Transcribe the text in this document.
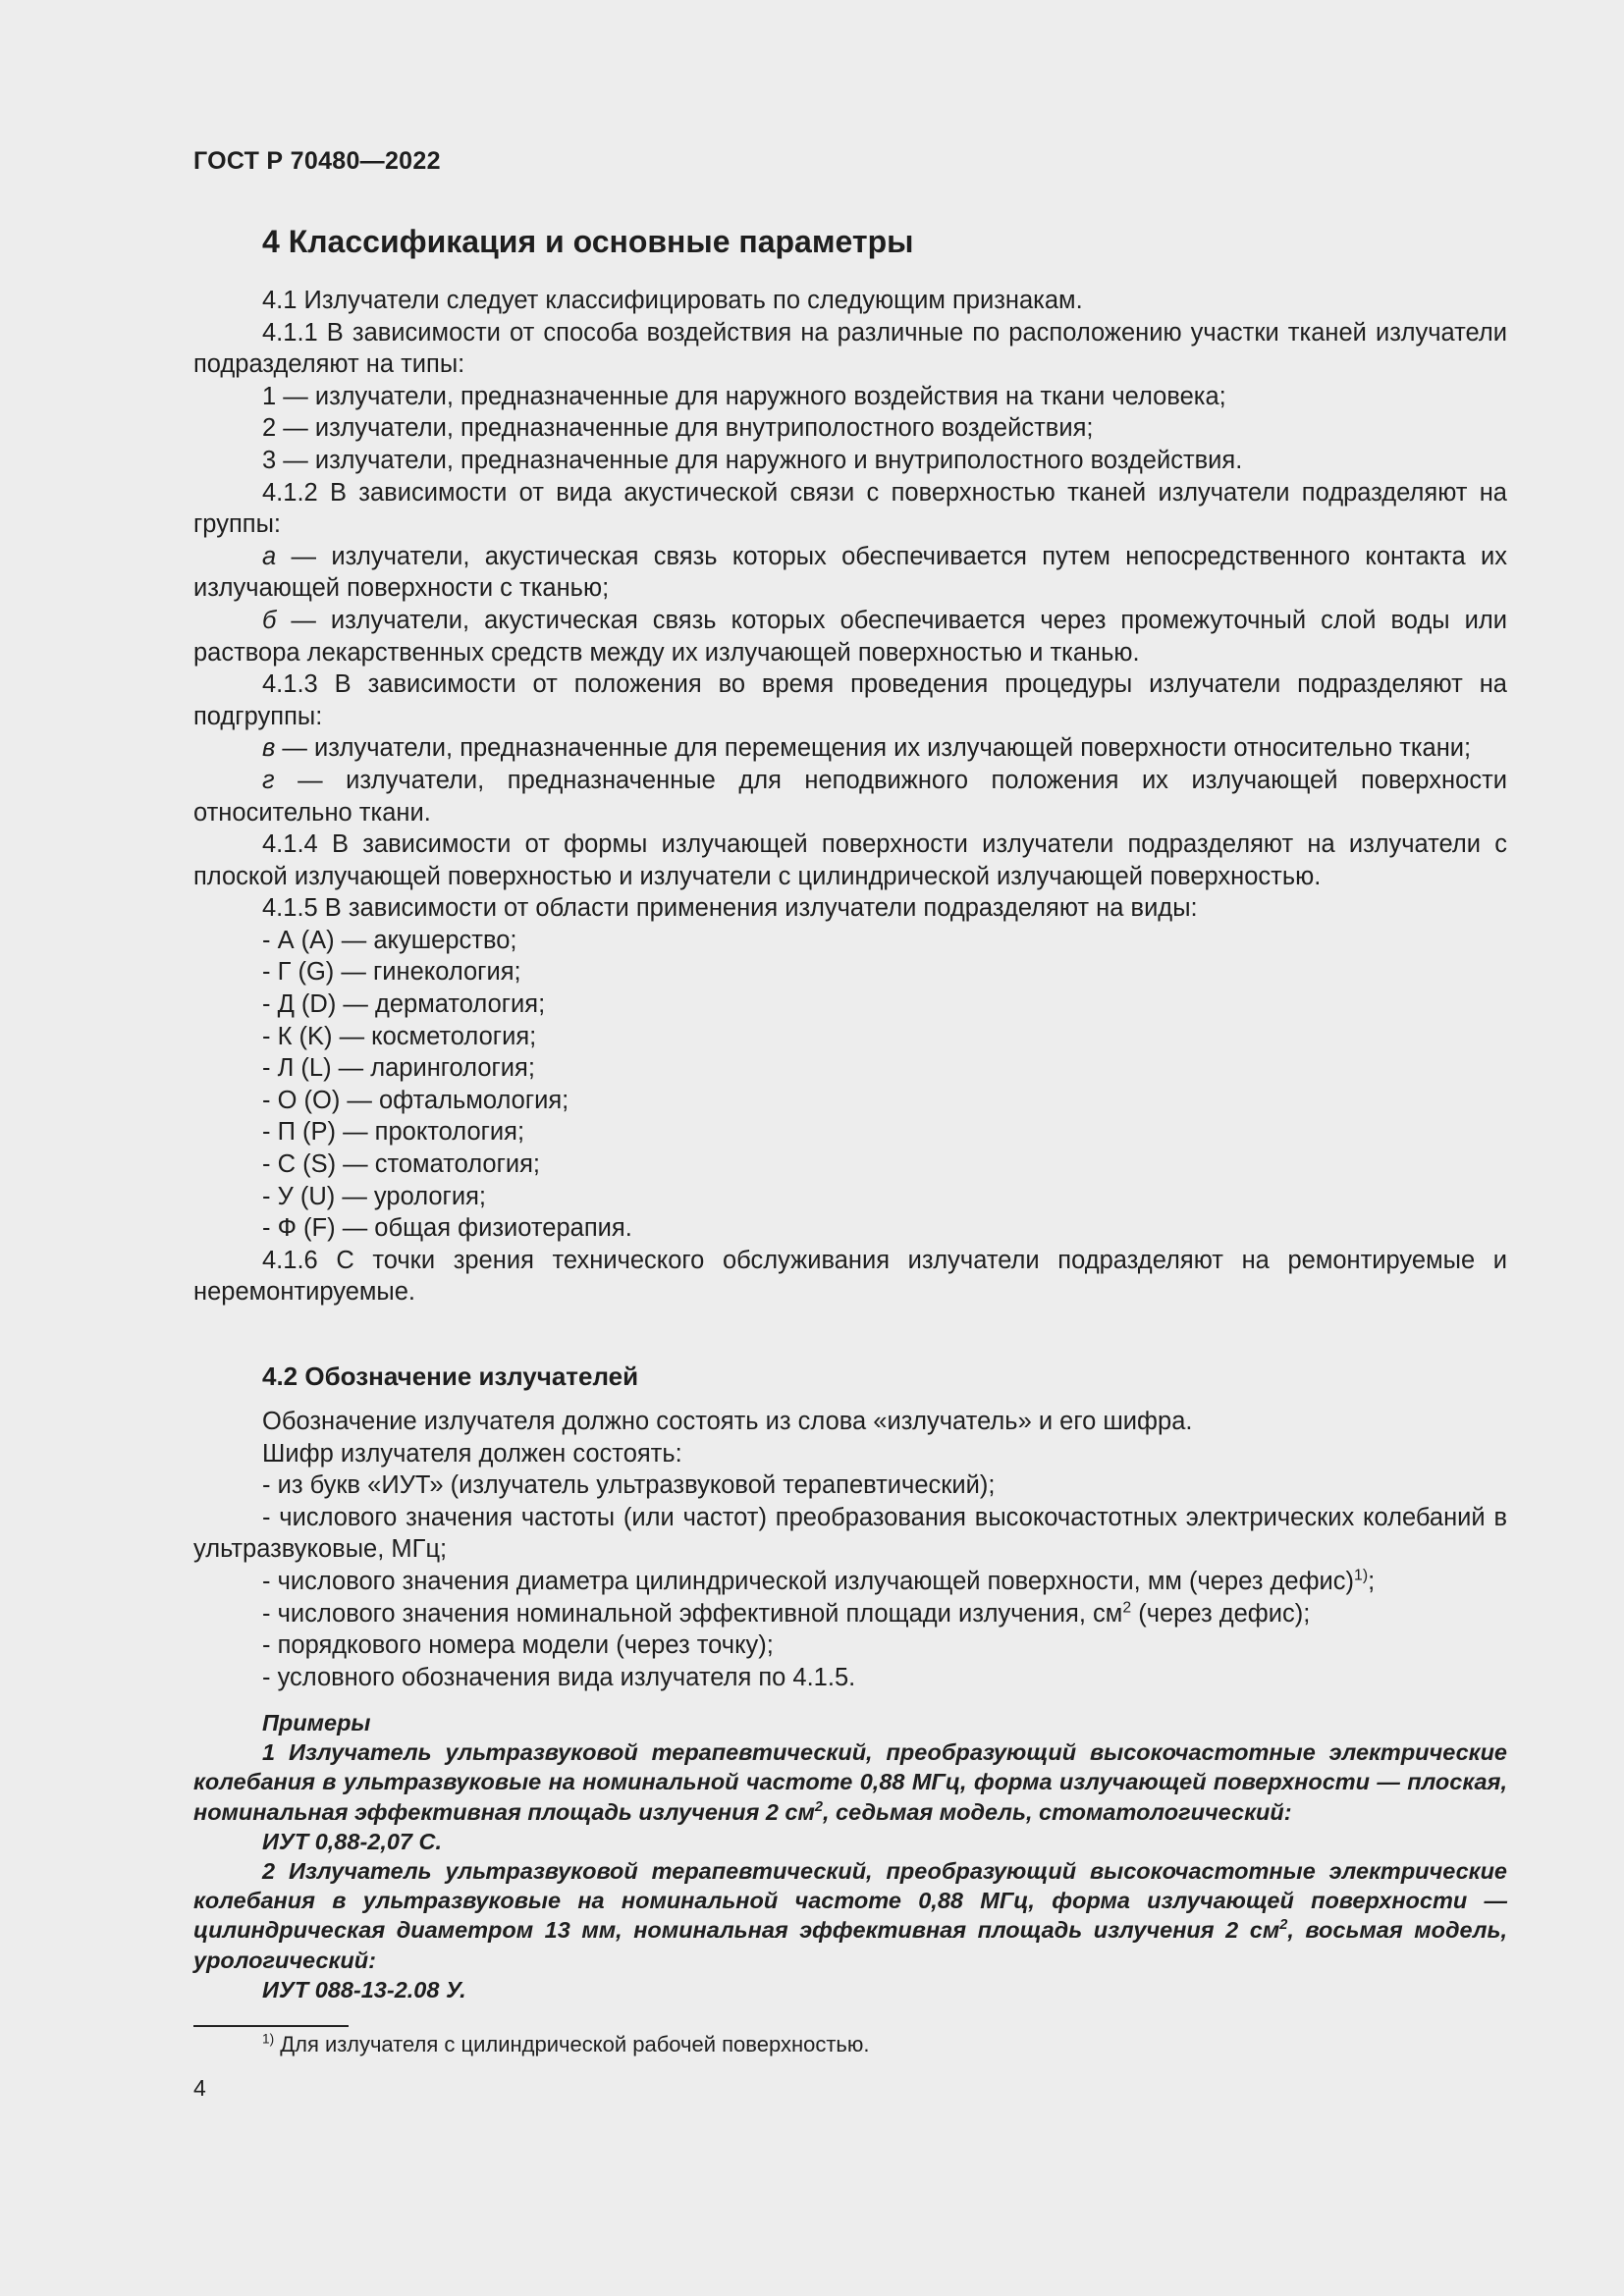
ГОСТ Р 70480—2022
4 Классификация и основные параметры

4.1 Излучатели следует классифицировать по следующим признакам.

4.1.1 В зависимости от способа воздействия на различные по расположению участки тканей излучатели подразделяют на типы:

1 — излучатели, предназначенные для наружного воздействия на ткани человека;

2 — излучатели, предназначенные для внутриполостного воздействия;

3 — излучатели, предназначенные для наружного и внутриполостного воздействия.

4.1.2 В зависимости от вида акустической связи с поверхностью тканей излучатели подразделяют на группы:

а — излучатели, акустическая связь которых обеспечивается путем непосредственного контакта их излучающей поверхности с тканью;

б — излучатели, акустическая связь которых обеспечивается через промежуточный слой воды или раствора лекарственных средств между их излучающей поверхностью и тканью.

4.1.3 В зависимости от положения во время проведения процедуры излучатели подразделяют на подгруппы:

в — излучатели, предназначенные для перемещения их излучающей поверхности относительно ткани;

г — излучатели, предназначенные для неподвижного положения их излучающей поверхности относительно ткани.

4.1.4 В зависимости от формы излучающей поверхности излучатели подразделяют на излучатели с плоской излучающей поверхностью и излучатели с цилиндрической излучающей поверхностью.

4.1.5 В зависимости от области применения излучатели подразделяют на виды:

- А (A) — акушерство;

- Г (G) — гинекология;

- Д (D) — дерматология;

- К (K) — косметология;

- Л (L) — ларингология;

- О (O) — офтальмология;

- П (P) — проктология;

- С (S) — стоматология;

- У (U) — урология;

- Ф (F) — общая физиотерапия.

4.1.6 С точки зрения технического обслуживания излучатели подразделяют на ремонтируемые и неремонтируемые.

4.2 Обозначение излучателей

Обозначение излучателя должно состоять из слова «излучатель» и его шифра.

Шифр излучателя должен состоять:

- из букв «ИУТ» (излучатель ультразвуковой терапевтический);

- числового значения частоты (или частот) преобразования высокочастотных электрических колебаний в ультразвуковые, МГц;

- числового значения диаметра цилиндрической излучающей поверхности, мм (через дефис)$^{1)}$;

- числового значения номинальной эффективной площади излучения, $см^2$ (через дефис);

- порядкового номера модели (через точку);

- условного обозначения вида излучателя по 4.1.5.

Примеры

1 Излучатель ультразвуковой терапевтический, преобразующий высокочастотные электрические колебания в ультразвуковые на номинальной частоте 0,88 МГц, форма излучающей поверхности — плоская, номинальная эффективная площадь излучения 2 $см^2$, седьмая модель, стоматологический:

ИУТ 0,88-2,07 С.

2 Излучатель ультразвуковой терапевтический, преобразующий высокочастотные электрические колебания в ультразвуковые на номинальной частоте 0,88 МГц, форма излучающей поверхности — цилиндрическая диаметром 13 мм, номинальная эффективная площадь излучения 2 $см^2$, восьмая модель, урологический:

ИУТ 088-13-2.08 У.

$^{1)}$ Для излучателя с цилиндрической рабочей поверхностью.
4
